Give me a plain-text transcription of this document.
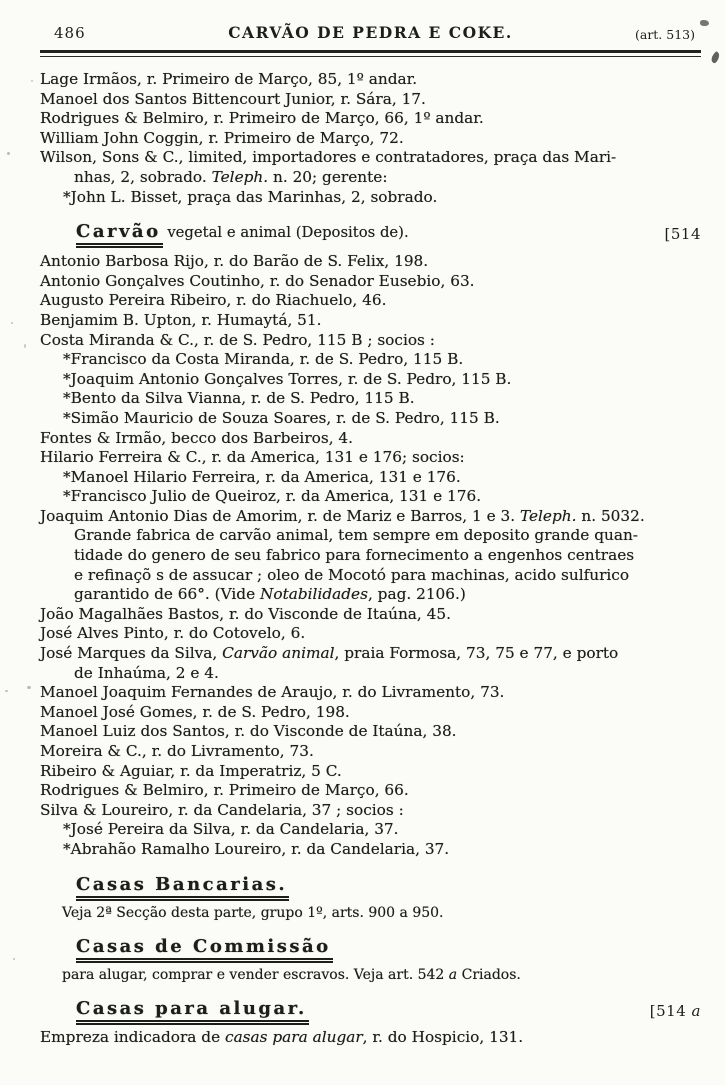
486	CARVÃO DE PEDRA E COKE.	(art. 513)
Lage Irmãos, r. Primeiro de Março, 85, 1º andar.
Manoel dos Santos Bittencourt Junior, r. Sára, 17.
Rodrigues & Belmiro, r. Primeiro de Março, 66, 1º andar.
William John Coggin, r. Primeiro de Março, 72.
Wilson, Sons & C., limited, importadores e contratadores, praça das Mari-
nhas, 2, sobrado. Teleph. n. 20; gerente:
*John L. Bisset, praça das Marinhas, 2, sobrado.
Carvão vegetal e animal (Depositos de).	[514
Antonio Barbosa Rijo, r. do Barão de S. Felix, 198.
Antonio Gonçalves Coutinho, r. do Senador Eusebio, 63.
Augusto Pereira Ribeiro, r. do Riachuelo, 46.
Benjamim B. Upton, r. Humaytá, 51.
Costa Miranda & C., r. de S. Pedro, 115 B ; socios :
*Francisco da Costa Miranda, r. de S. Pedro, 115 B.
*Joaquim Antonio Gonçalves Torres, r. de S. Pedro, 115 B.
*Bento da Silva Vianna, r. de S. Pedro, 115 B.
*Simão Mauricio de Souza Soares, r. de S. Pedro, 115 B.
Fontes & Irmão, becco dos Barbeiros, 4.
Hilario Ferreira & C., r. da America, 131 e 176; socios:
*Manoel Hilario Ferreira, r. da America, 131 e 176.
*Francisco Julio de Queiroz, r. da America, 131 e 176.
Joaquim Antonio Dias de Amorim, r. de Mariz e Barros, 1 e 3. Teleph. n. 5032.
Grande fabrica de carvão animal, tem sempre em deposito grande quan-
tidade do genero de seu fabrico para fornecimento a engenhos centraes
e refinaçõ s de assucar ; oleo de Mocotó para machinas, acido sulfurico
garantido de 66°. (Vide Notabilidades, pag. 2106.)
João Magalhães Bastos, r. do Visconde de Itaúna, 45.
José Alves Pinto, r. do Cotovelo, 6.
José Marques da Silva, Carvão animal, praia Formosa, 73, 75 e 77, e porto
de Inhaúma, 2 e 4.
Manoel Joaquim Fernandes de Araujo, r. do Livramento, 73.
Manoel José Gomes, r. de S. Pedro, 198.
Manoel Luiz dos Santos, r. do Visconde de Itaúna, 38.
Moreira & C., r. do Livramento, 73.
Ribeiro & Aguiar, r. da Imperatriz, 5 C.
Rodrigues & Belmiro, r. Primeiro de Março, 66.
Silva & Loureiro, r. da Candelaria, 37 ; socios :
*José Pereira da Silva, r. da Candelaria, 37.
*Abrahão Ramalho Loureiro, r. da Candelaria, 37.
Casas Bancarias.
Veja 2ª Secção desta parte, grupo 1º, arts. 900 a 950.
Casas de Commissão
para alugar, comprar e vender escravos. Veja art. 542 a Criados.
Casas para alugar.	[514 a
Empreza indicadora de casas para alugar, r. do Hospicio, 131.
